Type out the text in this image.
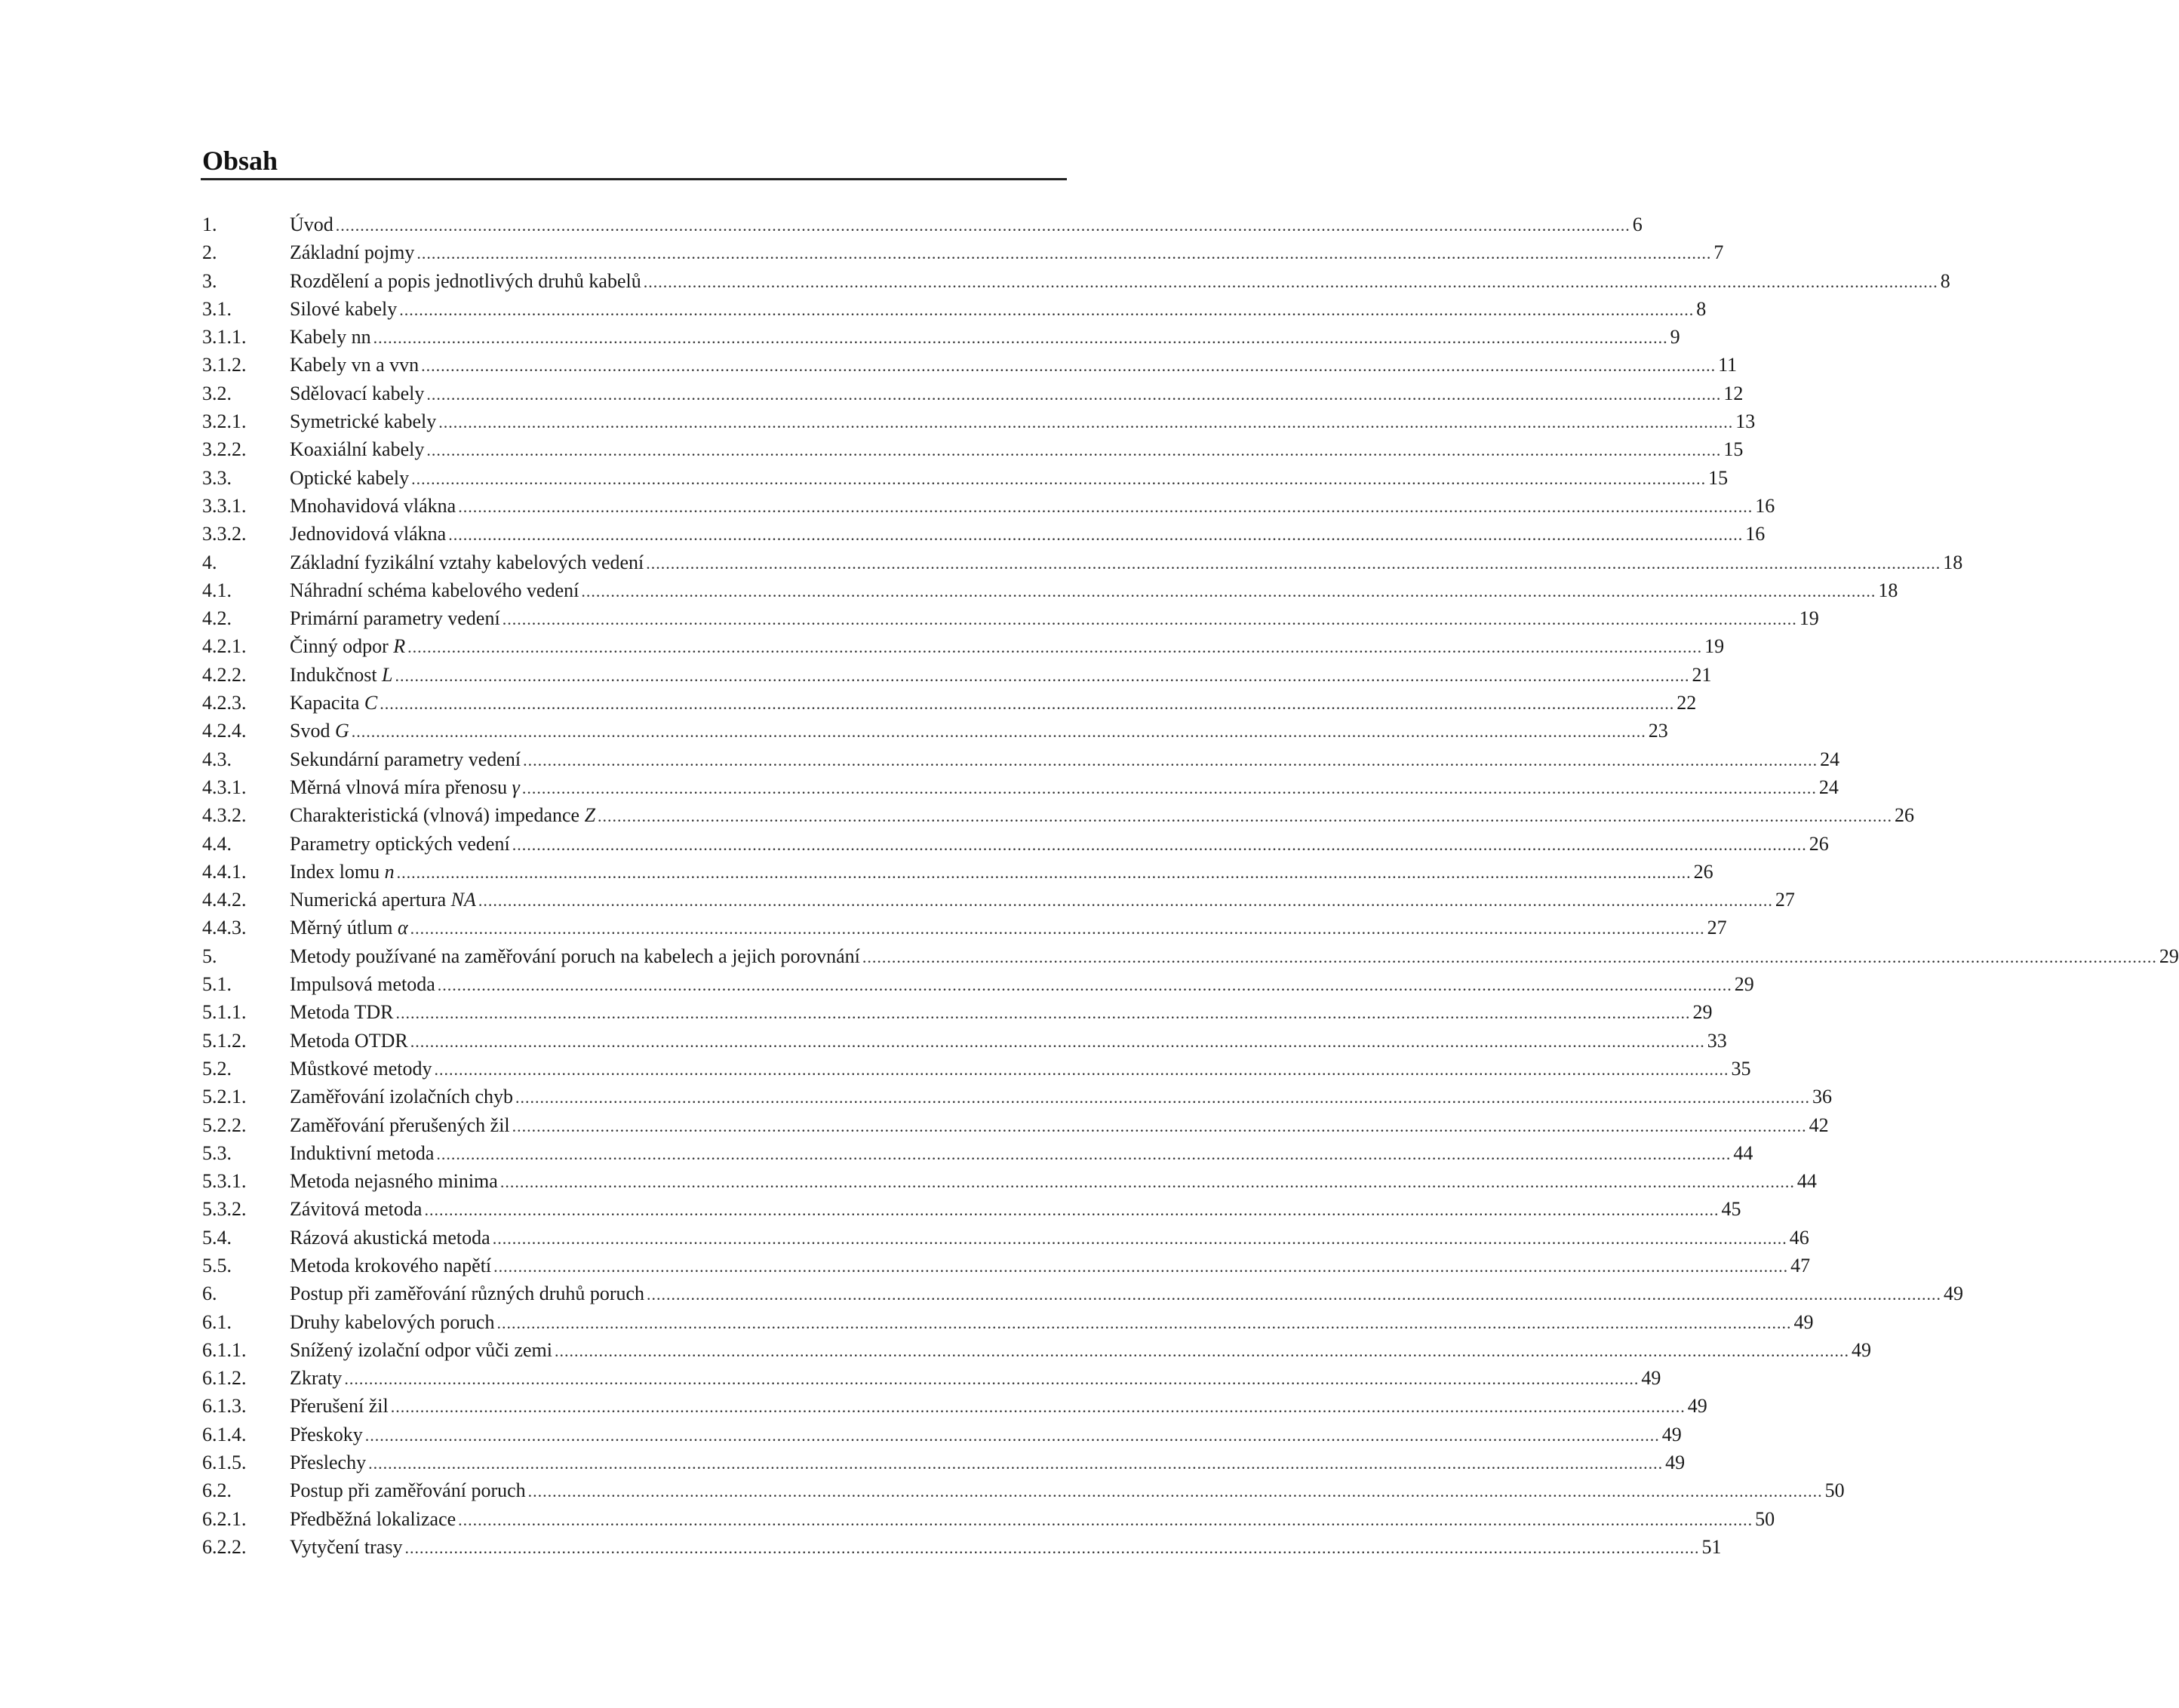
Obsah
1.	Úvod .....	6
2.	Základní pojmy .....	7
3.	Rozdělení a popis jednotlivých druhů kabelů .....	8
3.1.	Silové kabely .....	8
3.1.1.	Kabely nn .....	9
3.1.2.	Kabely vn a vvn .....	11
3.2.	Sdělovací kabely .....	12
3.2.1.	Symetrické kabely .....	13
3.2.2.	Koaxiální kabely .....	15
3.3.	Optické kabely .....	15
3.3.1.	Mnohavidová vlákna .....	16
3.3.2.	Jednovidová vlákna .....	16
4.	Základní fyzikální vztahy kabelových vedení .....	18
4.1.	Náhradní schéma kabelového vedení .....	18
4.2.	Primární parametry vedení .....	19
4.2.1.	Činný odpor R .....	19
4.2.2.	Indukčnost L .....	21
4.2.3.	Kapacita C .....	22
4.2.4.	Svod G .....	23
4.3.	Sekundární parametry vedení .....	24
4.3.1.	Měrná vlnová míra přenosu γ .....	24
4.3.2.	Charakteristická (vlnová) impedance Z .....	26
4.4.	Parametry optických vedení .....	26
4.4.1.	Index lomu n .....	26
4.4.2.	Numerická apertura NA .....	27
4.4.3.	Měrný útlum α .....	27
5.	Metody používané na zaměřování poruch na kabelech a jejich porovnání .....	29
5.1.	Impulsová metoda .....	29
5.1.1.	Metoda TDR .....	29
5.1.2.	Metoda OTDR .....	33
5.2.	Můstkové metody .....	35
5.2.1.	Zaměřování izolačních chyb .....	36
5.2.2.	Zaměřování přerušených žil .....	42
5.3.	Induktivní metoda .....	44
5.3.1.	Metoda nejasného minima .....	44
5.3.2.	Závitová metoda .....	45
5.4.	Rázová akustická metoda .....	46
5.5.	Metoda krokového napětí .....	47
6.	Postup při zaměřování různých druhů poruch .....	49
6.1.	Druhy kabelových poruch .....	49
6.1.1.	Snížený izolační odpor vůči zemi .....	49
6.1.2.	Zkraty .....	49
6.1.3.	Přerušení žil .....	49
6.1.4.	Přeskoky .....	49
6.1.5.	Přeslechy .....	49
6.2.	Postup při zaměřování poruch .....	50
6.2.1.	Předběžná lokalizace .....	50
6.2.2.	Vytyčení trasy .....	51
